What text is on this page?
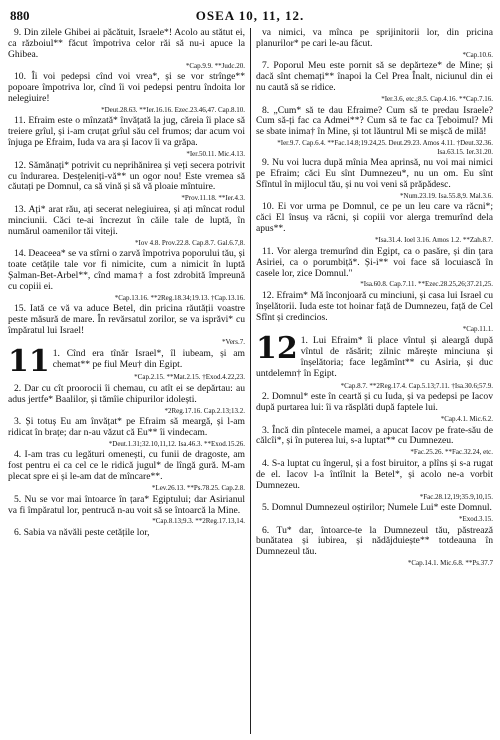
880	OSEA 10, 11, 12.

9. Din zilele Ghibei ai păcătuit, Israele*! Acolo au stătut ei, ca războiul** făcut împotriva celor răi să nu-i apuce la Ghibea.

*Cap.9.9. **Judc.20.

10. Îi voi pedepsi cînd voi vrea*, și se vor strînge** popoare împotriva lor, cînd îi voi pedepsi pentru îndoita lor nelegiuire!

*Deut.28.63. **Ier.16.16. Ezec.23.46,47. Cap.8.10.

11. Efraim este o mînzată* învățată la jug, căreia îi place să treiere grîul, și i-am cruțat grîul său cel frumos; dar acum voi înjuga pe Efraim, Iuda va ara și Iacov îi va grăpa.

*Ier.50.11. Mic.4.13.

12. Sămănați* potrivit cu neprihănirea și veți secera potrivit cu îndurarea. Desțeleniți-vă** un ogor nou! Este vremea să căutați pe Domnul, ca să vină și să vă ploaie mîntuire.

*Prov.11.18. **Ier.4.3.

13. Ați* arat rău, ați secerat nelegiuirea, și ați mîncat rodul minciunii. Căci te-ai încrezut în căile tale de luptă, în numărul oamenilor tăi viteji.

*Iov 4.8. Prov.22.8. Cap.8.7. Gal.6.7,8.

14. Deaceea* se va stîrni o zarvă împotriva poporului tău, și toate cetățile tale vor fi nimicite, cum a nimicit în luptă Șalman-Bet-Arbel**, cînd mama† a fost zdrobită împreună cu copiii ei.

*Cap.13.16. **2Reg.18.34;19.13. †Cap.13.16.

15. Iată ce vă va aduce Betel, din pricina răutății voastre peste măsură de mare. În revărsatul zorilor, se va isprăvi* cu împăratul lui Israel!

*Vers.7.

11 1. Cînd era tînăr Israel*, îl iubeam, și am chemat** pe fiul Meu† din Egipt.

*Cap.2.15. **Mat.2.15. †Exod.4.22,23.

2. Dar cu cît proorocii îi chemau, cu atît ei se depărtau: au adus jertfe* Baalilor, și tămîie chipurilor idolești.

*2Reg.17.16. Cap.2.13;13.2.

3. Și totuș Eu am învățat* pe Efraim să meargă, și l-am ridicat în brațe; dar n-au văzut că Eu** îi vindecam.

*Deut.1.31;32.10,11,12. Isa.46.3. **Exod.15.26.

4. I-am tras cu legături omenești, cu funii de dragoste, am fost pentru ei ca cel ce le ridică jugul* de lîngă gură. M-am plecat spre ei și le-am dat de mîncare**.

*Lev.26.13. **Ps.78.25. Cap.2.8.

5. Nu se vor mai întoarce în țara* Egiptului; dar Asirianul va fi împăratul lor, pentrucă n-au voit să se întoarcă la Mine.

*Cap.8.13;9.3. **2Reg.17.13,14.

6. Sabia va năvăli peste cetățile lor,

va nimici, va mînca pe sprijinitorii lor, din pricina planurilor* pe cari le-au făcut.

*Cap.10.6.

7. Poporul Meu este pornit să se depărteze* de Mine; și dacă sînt chemați** înapoi la Cel Prea Înalt, niciunul din ei nu caută să se ridice.

*Ier.3.6, etc.;8.5. Cap.4.16. **Cap.7.16.

8. „Cum* să te dau Efraime? Cum să te predau Israele? Cum să-ți fac ca Admei**? Cum să te fac ca Țeboimul? Mi se sbate inima† în Mine, și tot lăuntrul Mi se mișcă de milă!

*Ier.9.7. Cap.6.4. **Fac.14.8;19.24,25. Deut.29.23. Amos 4.11. †Deut.32.36. Isa.63.15. Ier.31.20.

9. Nu voi lucra după mînia Mea aprinsă, nu voi mai nimici pe Efraim; căci Eu sînt Dumnezeu*, nu un om. Eu sînt Sfîntul în mijlocul tău, și nu voi veni să prăpădesc.

*Num.23.19. Isa.55.8,9. Mal.3.6.

10. Ei vor urma pe Domnul, ce pe un leu care va răcni*; căci El însuș va răcni, și copiii vor alerga tremurînd dela apus**.

*Isa.31.4. Ioel 3.16. Amos 1.2. **Zah.8.7.

11. Vor alerga tremurînd din Egipt, ca o pasăre, și din țara Asiriei, ca o porumbiță*. Și-i** voi face să locuiască în casele lor, zice Domnul."

*Isa.60.8. Cap.7.11. **Ezec.28.25,26;37.21,25.

12. Efraim* Mă înconjoară cu minciuni, și casa lui Israel cu înșelătorii. Iuda este tot hoinar față de Dumnezeu, față de Cel Sfînt și credincios.

*Cap.11.1.

12 1. Lui Efraim* îi place vîntul și aleargă după vîntul de răsărit; zilnic mărește minciuna și înșelătoria; face legămînt** cu Asiria, și duc untdelemn† în Egipt.

*Cap.8.7. **2Reg.17.4. Cap.5.13;7.11. †Isa.30.6;57.9.

2. Domnul* este în ceartă și cu Iuda, și va pedepsi pe Iacov după purtarea lui: îi va răsplăti după faptele lui.

*Cap.4.1. Mic.6.2.

3. Încă din pîntecele mamei, a apucat Iacov pe frate-său de călcîi*, și în puterea lui, s-a luptat** cu Dumnezeu.

*Fac.25.26. **Fac.32.24, etc.

4. S-a luptat cu îngerul, și a fost biruitor, a plîns și s-a rugat de el. Iacov l-a întîlnit la Betel*, și acolo ne-a vorbit Dumnezeu.

*Fac.28.12,19;35.9,10,15.

5. Domnul Dumnezeul oștirilor; Numele Lui* este Domnul.

*Exod.3.15.

6. Tu* dar, întoarce-te la Dumnezeul tău, păstrează bunătatea și iubirea, și nădăjduiește** totdeauna în Dumnezeul tău.

*Cap.14.1. Mic.6.8. **Ps.37.7
